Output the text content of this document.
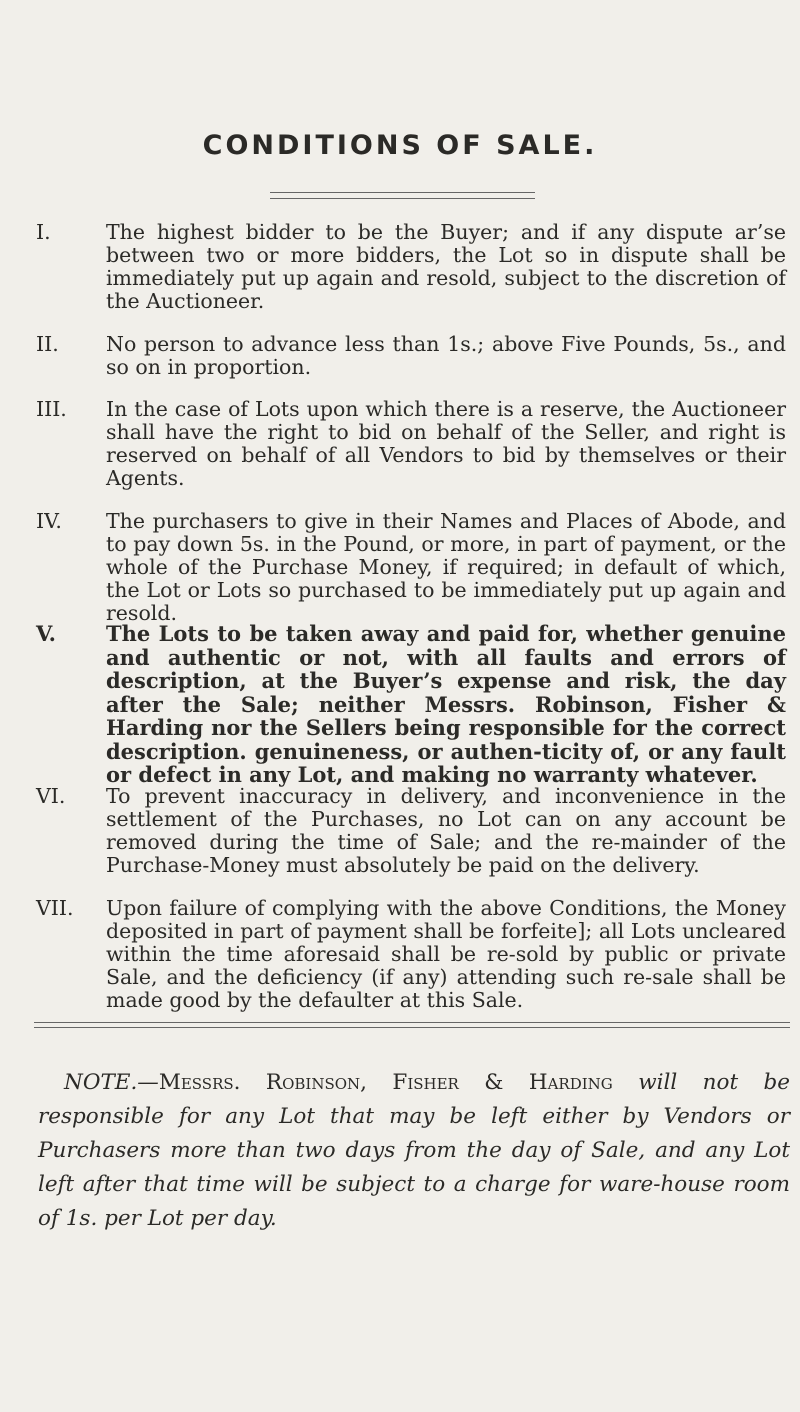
CONDITIONS OF SALE.
I.	The highest bidder to be the Buyer; and if any dispute ar’se between two or more bidders, the Lot so in dispute shall be immediately put up again and resold, subject to the discretion of the Auctioneer.
II.	No person to advance less than 1s.; above Five Pounds, 5s., and so on in proportion.
III.	In the case of Lots upon which there is a reserve, the Auctioneer shall have the right to bid on behalf of the Seller, and right is reserved on behalf of all Vendors to bid by themselves or their Agents.
IV.	The purchasers to give in their Names and Places of Abode, and to pay down 5s. in the Pound, or more, in part of payment, or the whole of the Purchase Money, if required; in default of which, the Lot or Lots so purchased to be immediately put up again and resold.
V.	The Lots to be taken away and paid for, whether genuine and authentic or not, with all faults and errors of description, at the Buyer’s expense and risk, the day after the Sale; neither Messrs. Robinson, Fisher & Harding nor the Sellers being responsible for the correct description. genuineness, or authen-ticity of, or any fault or defect in any Lot, and making no warranty whatever.
VI.	To prevent inaccuracy in delivery, and inconvenience in the settlement of the Purchases, no Lot can on any account be removed during the time of Sale; and the re-mainder of the Purchase-Money must absolutely be paid on the delivery.
VII.	Upon failure of complying with the above Conditions, the Money deposited in part of payment shall be forfeite]; all Lots uncleared within the time aforesaid shall be re-sold by public or private Sale, and the deficiency (if any) attending such re-sale shall be made good by the defaulter at this Sale.

NOTE.—Messrs. Robinson, Fisher & Harding will not be responsible for any Lot that may be left either by Vendors or Purchasers more than two days from the day of Sale, and any Lot left after that time will be subject to a charge for ware-house room of 1s. per Lot per day.
